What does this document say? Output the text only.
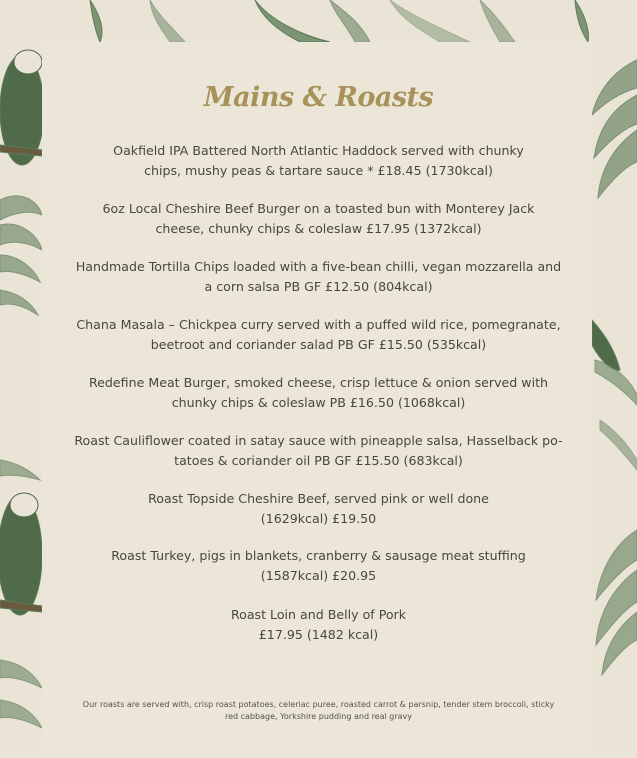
Mains & Roasts

Oakfield IPA Battered North Atlantic Haddock served with chunky
chips, mushy peas & tartare sauce * £18.45 (1730kcal)

6oz Local Cheshire Beef Burger on a toasted bun with Monterey Jack
cheese, chunky chips & coleslaw £17.95 (1372kcal)

Handmade Tortilla Chips loaded with a five-bean chilli, vegan mozzarella and
a corn salsa PB GF £12.50 (804kcal)

Chana Masala – Chickpea curry served with a puffed wild rice, pomegranate,
beetroot and coriander salad PB GF £15.50 (535kcal)

Redefine Meat Burger, smoked cheese, crisp lettuce & onion served with
chunky chips & coleslaw PB £16.50 (1068kcal)

Roast Cauliflower coated in satay sauce with pineapple salsa, Hasselback po-
tatoes & coriander oil PB GF £15.50 (683kcal)

Roast Topside Cheshire Beef, served pink or well done
(1629kcal) £19.50

Roast Turkey, pigs in blankets, cranberry & sausage meat stuffing
(1587kcal) £20.95

Roast Loin and Belly of Pork
£17.95 (1482 kcal)

Our roasts are served with, crisp roast potatoes, celeriac puree, roasted carrot & parsnip, tender stem broccoli, sticky
red cabbage, Yorkshire pudding and real gravy
